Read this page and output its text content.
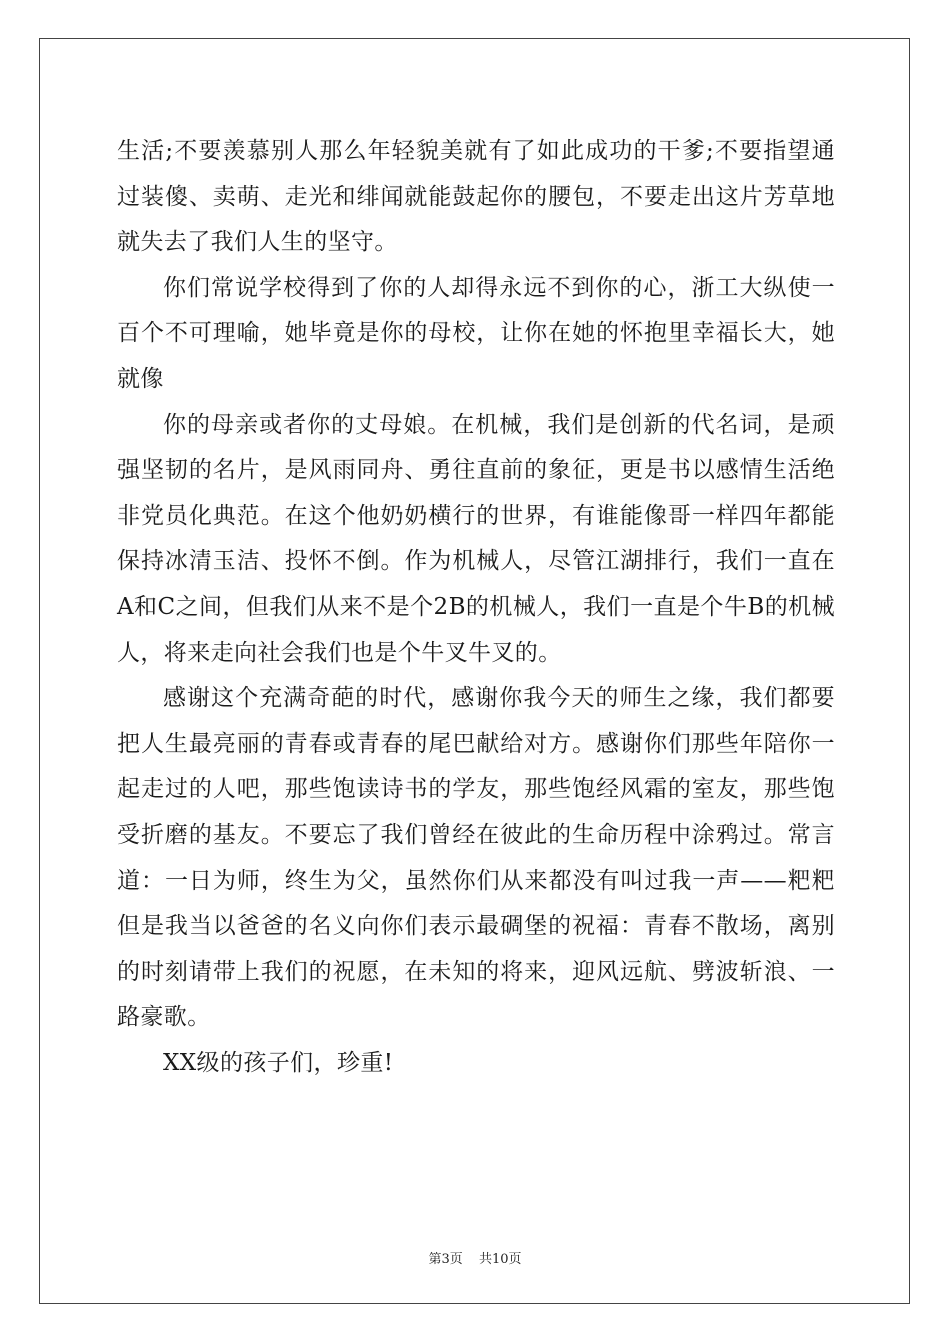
生活;不要羡慕别人那么年轻貌美就有了如此成功的干爹;不要指望通过装傻、卖萌、走光和绯闻就能鼓起你的腰包，不要走出这片芳草地就失去了我们人生的坚守。

你们常说学校得到了你的人却得永远不到你的心，浙工大纵使一百个不可理喻，她毕竟是你的母校，让你在她的怀抱里幸福长大，她就像

你的母亲或者你的丈母娘。在机械，我们是创新的代名词，是顽强坚韧的名片，是风雨同舟、勇往直前的象征，更是书以感情生活绝非党员化典范。在这个他奶奶横行的世界，有谁能像哥一样四年都能保持冰清玉洁、投怀不倒。作为机械人，尽管江湖排行，我们一直在A和C之间，但我们从来不是个2B的机械人，我们一直是个牛B的机械人，将来走向社会我们也是个牛叉牛叉的。

感谢这个充满奇葩的时代，感谢你我今天的师生之缘，我们都要把人生最亮丽的青春或青春的尾巴献给对方。感谢你们那些年陪你一起走过的人吧，那些饱读诗书的学友，那些饱经风霜的室友，那些饱受折磨的基友。不要忘了我们曾经在彼此的生命历程中涂鸦过。常言道：一日为师，终生为父，虽然你们从来都没有叫过我一声——粑粑但是我当以爸爸的名义向你们表示最碉堡的祝福：青春不散场，离别的时刻请带上我们的祝愿，在未知的将来，迎风远航、劈波斩浪、一路豪歌。

XX级的孩子们，珍重!

第3页 共10页
